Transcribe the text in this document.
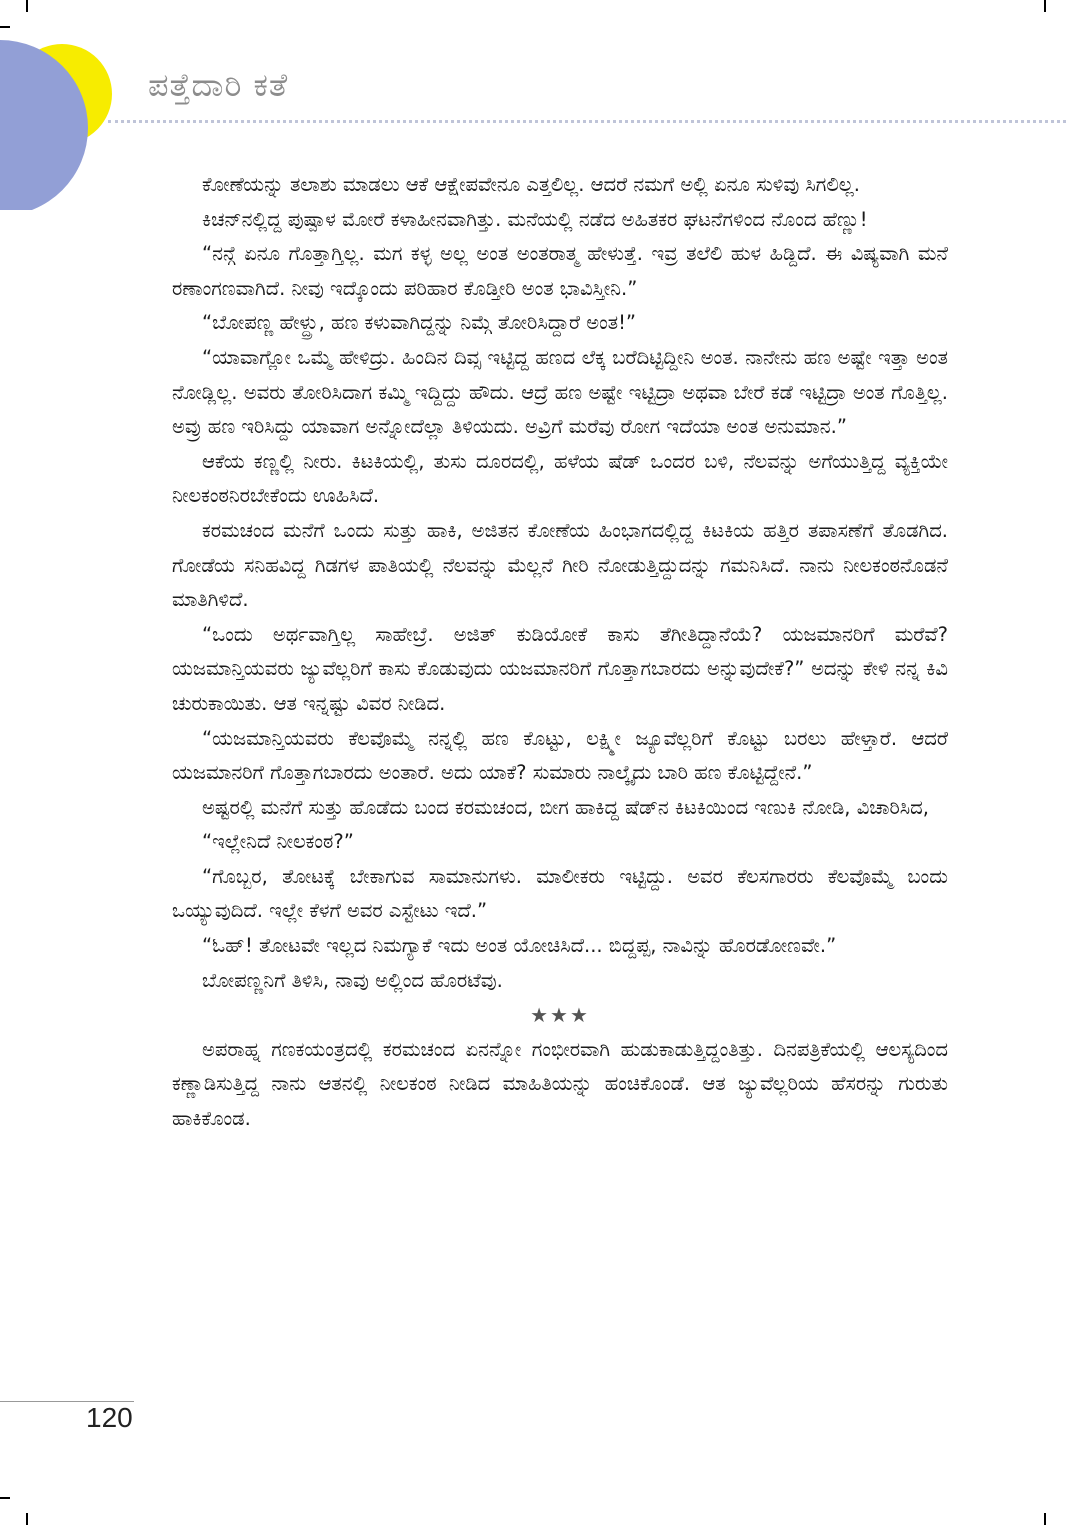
ಪತ್ತೆದಾರಿ ಕತೆ

ಕೋಣೆಯನ್ನು ತಲಾಶು ಮಾಡಲು ಆಕೆ ಆಕ್ಷೇಪವೇನೂ ಎತ್ತಲಿಲ್ಲ. ಆದರೆ ನಮಗೆ ಅಲ್ಲಿ ಏನೂ ಸುಳಿವು ಸಿಗಲಿಲ್ಲ.

ಕಿಚನ್‌ನಲ್ಲಿದ್ದ ಪುಷ್ಪಾಳ ಮೋರೆ ಕಳಾಹೀನವಾಗಿತ್ತು. ಮನೆಯಲ್ಲಿ ನಡೆದ ಅಹಿತಕರ ಘಟನೆಗಳಿಂದ ನೊಂದ ಹೆಣ್ಣು!

“ನನ್ಗೆ ಏನೂ ಗೊತ್ತಾಗ್ತಿಲ್ಲ. ಮಗ ಕಳ್ಳ ಅಲ್ಲ ಅಂತ ಅಂತರಾತ್ಮ ಹೇಳುತ್ತೆ. ಇವ್ರ ತಲೆಲಿ ಹುಳ ಹಿಡ್ದಿದೆ. ಈ ವಿಷ್ಯವಾಗಿ ಮನೆ ರಣಾಂಗಣವಾಗಿದೆ. ನೀವು ಇದ್ಕೊಂದು ಪರಿಹಾರ ಕೊಡ್ತೀರಿ ಅಂತ ಭಾವಿಸ್ತೀನಿ.”

“ಬೋಪಣ್ಣ ಹೇಳ್ದ್ರು, ಹಣ ಕಳುವಾಗಿದ್ದನ್ನು ನಿಮ್ಗೆ ತೋರಿಸಿದ್ದಾರೆ ಅಂತ!”

“ಯಾವಾಗ್ಲೋ ಒಮ್ಮೆ ಹೇಳಿದ್ರು. ಹಿಂದಿನ ದಿವ್ಸ ಇಟ್ಟಿದ್ದ ಹಣದ ಲೆಕ್ಕ ಬರೆದಿಟ್ಟಿದ್ದೀನಿ ಅಂತ. ನಾನೇನು ಹಣ ಅಷ್ಟೇ ಇತ್ತಾ ಅಂತ ನೋಡ್ಲಿಲ್ಲ. ಅವರು ತೋರಿಸಿದಾಗ ಕಮ್ಮಿ ಇದ್ದಿದ್ದು ಹೌದು. ಆದ್ರೆ ಹಣ ಅಷ್ಟೇ ಇಟ್ಟಿದ್ರಾ ಅಥವಾ ಬೇರೆ ಕಡೆ ಇಟ್ಟಿದ್ರಾ ಅಂತ ಗೊತ್ತಿಲ್ಲ. ಅವ್ರು ಹಣ ಇರಿಸಿದ್ದು ಯಾವಾಗ ಅನ್ನೋದೆಲ್ಲಾ ತಿಳಿಯದು. ಅವ್ರಿಗೆ ಮರೆವು ರೋಗ ಇದೆಯಾ ಅಂತ ಅನುಮಾನ.”

ಆಕೆಯ ಕಣ್ಣಲ್ಲಿ ನೀರು. ಕಿಟಕಿಯಲ್ಲಿ, ತುಸು ದೂರದಲ್ಲಿ, ಹಳೆಯ ಷೆಡ್ ಒಂದರ ಬಳಿ, ನೆಲವನ್ನು ಅಗೆಯುತ್ತಿದ್ದ ವ್ಯಕ್ತಿಯೇ ನೀಲಕಂಠನಿರಬೇಕೆಂದು ಊಹಿಸಿದೆ.

ಕರಮಚಂದ ಮನೆಗೆ ಒಂದು ಸುತ್ತು ಹಾಕಿ, ಅಜಿತನ ಕೋಣೆಯ ಹಿಂಭಾಗದಲ್ಲಿದ್ದ ಕಿಟಕಿಯ ಹತ್ತಿರ ತಪಾಸಣೆಗೆ ತೊಡಗಿದ. ಗೋಡೆಯ ಸನಿಹವಿದ್ದ ಗಿಡಗಳ ಪಾತಿಯಲ್ಲಿ ನೆಲವನ್ನು ಮೆಲ್ಲನೆ ಗೀರಿ ನೋಡುತ್ತಿದ್ದುದನ್ನು ಗಮನಿಸಿದೆ. ನಾನು ನೀಲಕಂಠನೊಡನೆ ಮಾತಿಗಿಳಿದೆ.

“ಒಂದು ಅರ್ಥವಾಗ್ತಿಲ್ಲ ಸಾಹೇಬ್ರೆ. ಅಜಿತ್ ಕುಡಿಯೋಕೆ ಕಾಸು ತೆಗೀತಿದ್ದಾನೆಯೆ? ಯಜಮಾನರಿಗೆ ಮರೆವೆ? ಯಜಮಾನ್ತಿಯವರು ಜ್ಯುವೆಲ್ಲರಿಗೆ ಕಾಸು ಕೊಡುವುದು ಯಜಮಾನರಿಗೆ ಗೊತ್ತಾಗಬಾರದು ಅನ್ನುವುದೇಕೆ?” ಅದನ್ನು ಕೇಳಿ ನನ್ನ ಕಿವಿ ಚುರುಕಾಯಿತು. ಆತ ಇನ್ನಷ್ಟು ವಿವರ ನೀಡಿದ.

“ಯಜಮಾನ್ತಿಯವರು ಕೆಲವೊಮ್ಮೆ ನನ್ನಲ್ಲಿ ಹಣ ಕೊಟ್ಟು, ಲಕ್ಷ್ಮೀ ಜ್ಯೂವೆಲ್ಲರಿಗೆ ಕೊಟ್ಟು ಬರಲು ಹೇಳ್ತಾರೆ. ಆದರೆ ಯಜಮಾನರಿಗೆ ಗೊತ್ತಾಗಬಾರದು ಅಂತಾರೆ. ಅದು ಯಾಕೆ? ಸುಮಾರು ನಾಲ್ಕೈದು ಬಾರಿ ಹಣ ಕೊಟ್ಟಿದ್ದೇನೆ.”

ಅಷ್ಟರಲ್ಲಿ ಮನೆಗೆ ಸುತ್ತು ಹೊಡೆದು ಬಂದ ಕರಮಚಂದ, ಬೀಗ ಹಾಕಿದ್ದ ಷೆಡ್‌ನ ಕಿಟಕಿಯಿಂದ ಇಣುಕಿ ನೋಡಿ, ವಿಚಾರಿಸಿದ,

“ಇಲ್ಲೇನಿದೆ ನೀಲಕಂಠ?”

“ಗೊಬ್ಬರ, ತೋಟಕ್ಕೆ ಬೇಕಾಗುವ ಸಾಮಾನುಗಳು. ಮಾಲೀಕರು ಇಟ್ಟಿದ್ದು. ಅವರ ಕೆಲಸಗಾರರು ಕೆಲವೊಮ್ಮೆ ಬಂದು ಒಯ್ಯುವುದಿದೆ. ಇಲ್ಲೇ ಕೆಳಗೆ ಅವರ ಎಸ್ಟೇಟು ಇದೆ.”

“ಓಹ್! ತೋಟವೇ ಇಲ್ಲದ ನಿಮಗ್ಯಾಕೆ ಇದು ಅಂತ ಯೋಚಿಸಿದೆ... ಬಿದ್ದಪ್ಪ, ನಾವಿನ್ನು ಹೊರಡೋಣವೇ.”

ಬೋಪಣ್ಣನಿಗೆ ತಿಳಿಸಿ, ನಾವು ಅಲ್ಲಿಂದ ಹೊರಟೆವು.

★★★

ಅಪರಾಹ್ನ ಗಣಕಯಂತ್ರದಲ್ಲಿ ಕರಮಚಂದ ಏನನ್ನೋ ಗಂಭೀರವಾಗಿ ಹುಡುಕಾಡುತ್ತಿದ್ದಂತಿತ್ತು. ದಿನಪತ್ರಿಕೆಯಲ್ಲಿ ಆಲಸ್ಯದಿಂದ ಕಣ್ಣಾಡಿಸುತ್ತಿದ್ದ ನಾನು ಆತನಲ್ಲಿ ನೀಲಕಂಠ ನೀಡಿದ ಮಾಹಿತಿಯನ್ನು ಹಂಚಿಕೊಂಡೆ. ಆತ ಜ್ಯುವೆಲ್ಲರಿಯ ಹೆಸರನ್ನು ಗುರುತು ಹಾಕಿಕೊಂಡ.

120
